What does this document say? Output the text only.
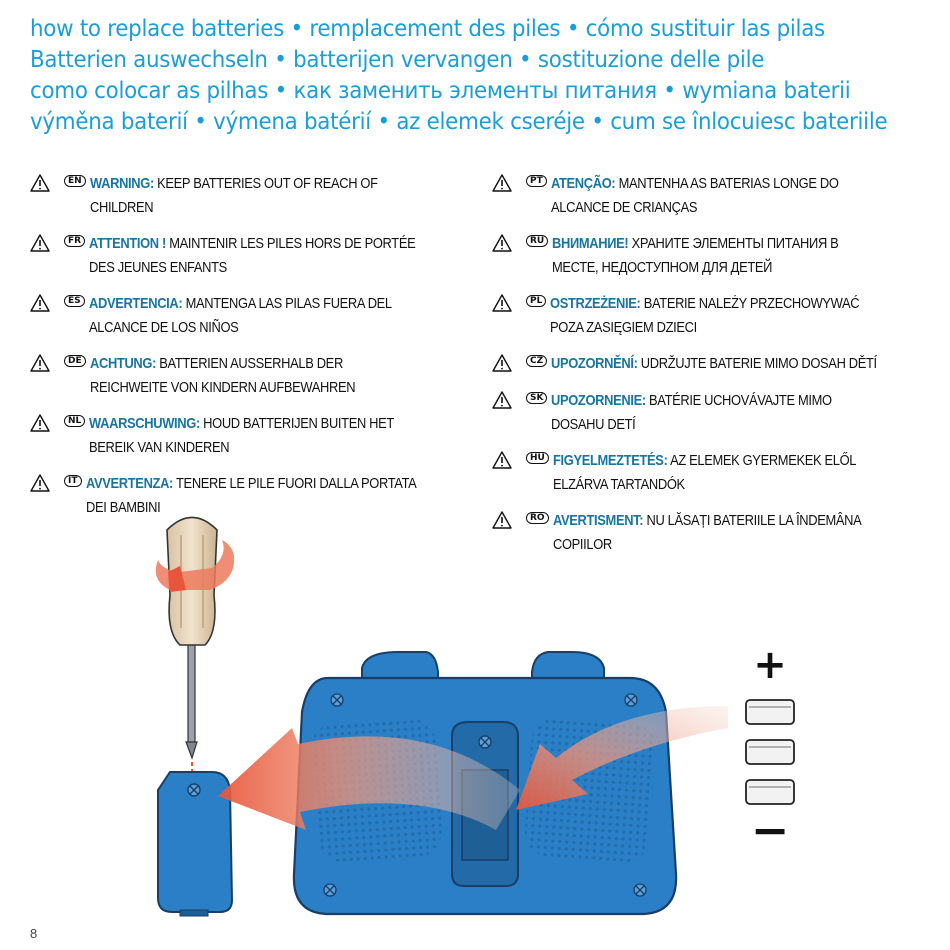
how to replace batteries • remplacement des piles • cómo sustituir las pilas
Batterien auswechseln • batterijen vervangen • sostituzione delle pile
como colocar as pilhas • как заменить элементы питания • wymiana baterii
výměna baterií • výmena batérií • az elemek cseréje • cum se înlocuiesc bateriile
EN WARNING: KEEP BATTERIES OUT OF REACH OF CHILDREN
FR ATTENTION ! MAINTENIR LES PILES HORS DE PORTÉE DES JEUNES ENFANTS
ES ADVERTENCIA: MANTENGA LAS PILAS FUERA DEL ALCANCE DE LOS NIÑOS
DE ACHTUNG: BATTERIEN AUSSERHALB DER REICHWEITE VON KINDERN AUFBEWAHREN
NL WAARSCHUWING: HOUD BATTERIJEN BUITEN HET BEREIK VAN KINDEREN
IT AVVERTENZA: TENERE LE PILE FUORI DALLA PORTATA DEI BAMBINI
PT ATENÇÃO: MANTENHA AS BATERIAS LONGE DO ALCANCE DE CRIANÇAS
RU ВНИМАНИЕ! ХРАНИТЕ ЭЛЕМЕНТЫ ПИТАНИЯ В МЕСТЕ, НЕДОСТУПНОМ ДЛЯ ДЕТЕЙ
PL OSTRZEŻENIE: BATERIE NALEŻY PRZECHOWYWAĆ POZA ZASIĘGIEM DZIECI
CZ UPOZORNĚNÍ: UDRŽUJTE BATERIE MIMO DOSAH DĚTÍ
SK UPOZORNENIE: BATÉRIE UCHOVÁVAJTE MIMO DOSAHU DETÍ
HU FIGYELMEZTETÉS: AZ ELEMEK GYERMEKEK ELŐL ELZÁRVA TARTANDÓK
RO AVERTISMENT: NU LĂSAȚI BATERIILE LA ÎNDEMÂNA COPIILOR
+
−
8
